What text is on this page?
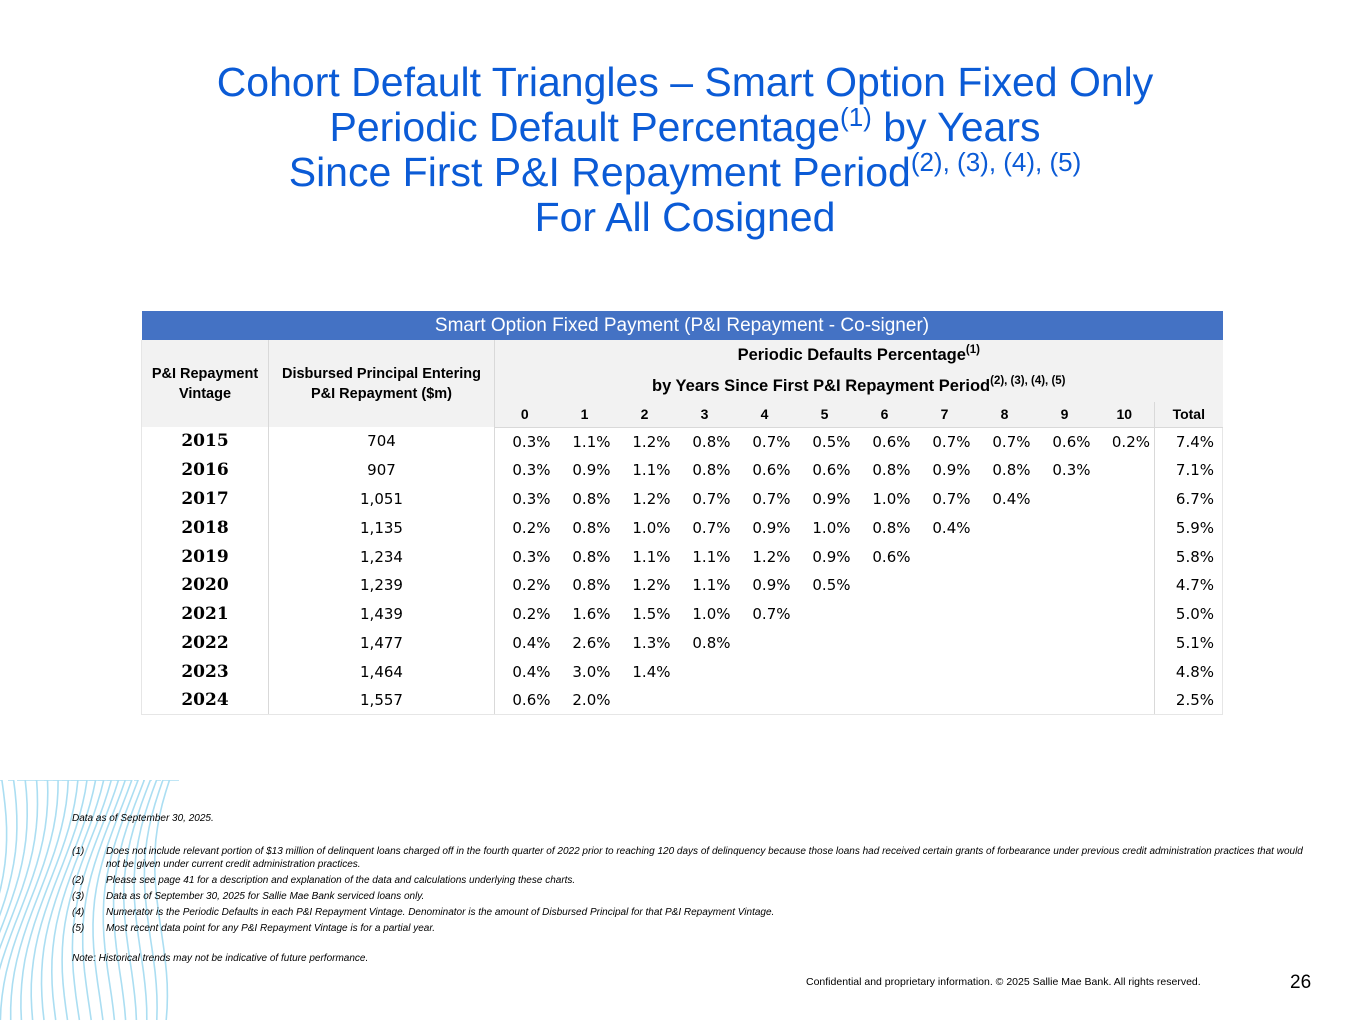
Cohort Default Triangles – Smart Option Fixed Only
Periodic Default Percentage$^{(1)}$ by Years
Since First P&I Repayment Period$^{(2), (3), (4), (5)}$
For All Cosigned
Smart Option Fixed Payment (P&I Repayment - Co-signer)													

P&I Repayment Vintage	Disbursed Principal Entering P&I Repayment ($m)	Periodic Defaults Percentage$^{(1)}$
by Years Since First P&I Repayment Period$^{(2), (3), (4), (5)}$

		0	1	2	3	4	5	6	7	8	9	10	Total
2015	704	0.3%	1.1%	1.2%	0.8%	0.7%	0.5%	0.6%	0.7%	0.7%	0.6%	0.2%	7.4%
2016	907	0.3%	0.9%	1.1%	0.8%	0.6%	0.6%	0.8%	0.9%	0.8%	0.3%		7.1%
2017	1,051	0.3%	0.8%	1.2%	0.7%	0.7%	0.9%	1.0%	0.7%	0.4%			6.7%
2018	1,135	0.2%	0.8%	1.0%	0.7%	0.9%	1.0%	0.8%	0.4%				5.9%
2019	1,234	0.3%	0.8%	1.1%	1.1%	1.2%	0.9%	0.6%					5.8%
2020	1,239	0.2%	0.8%	1.2%	1.1%	0.9%	0.5%						4.7%
2021	1,439	0.2%	1.6%	1.5%	1.0%	0.7%							5.0%
2022	1,477	0.4%	2.6%	1.3%	0.8%								5.1%
2023	1,464	0.4%	3.0%	1.4%									4.8%
2024	1,557	0.6%	2.0%										2.5%
Data as of September 30, 2025.
(1)	Does not include relevant portion of $13 million of delinquent loans charged off in the fourth quarter of 2022 prior to reaching 120 days of delinquency because those loans had received certain grants of forbearance under previous credit administration practices that would not be given under current credit administration practices.
(2)	Please see page 41 for a description and explanation of the data and calculations underlying these charts.
(3)	Data as of September 30, 2025 for Sallie Mae Bank serviced loans only.
(4)	Numerator is the Periodic Defaults in each P&I Repayment Vintage. Denominator is the amount of Disbursed Principal for that P&I Repayment Vintage.
(5)	Most recent data point for any P&I Repayment Vintage is for a partial year.
Note: Historical trends may not be indicative of future performance.
Confidential and proprietary information. © 2025 Sallie Mae Bank. All rights reserved.	26
